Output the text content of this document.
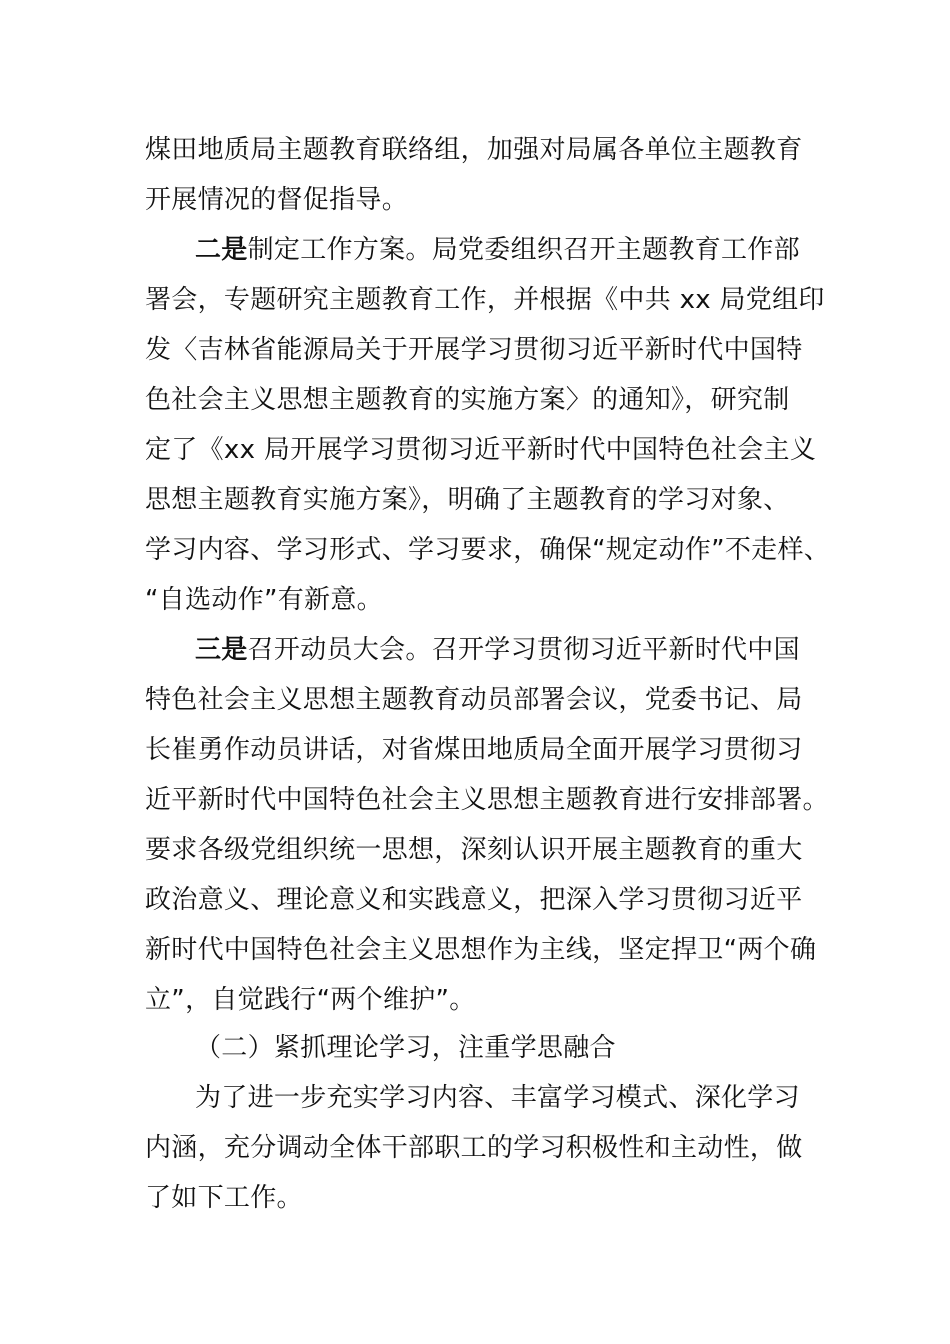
煤田地质局主题教育联络组，加强对局属各单位主题教育
开展情况的督促指导。
二是制定工作方案。局党委组织召开主题教育工作部
署会，专题研究主题教育工作，并根据《中共 xx 局党组印
发〈吉林省能源局关于开展学习贯彻习近平新时代中国特
色社会主义思想主题教育的实施方案〉的通知》，研究制
定了《xx 局开展学习贯彻习近平新时代中国特色社会主义
思想主题教育实施方案》，明确了主题教育的学习对象、
学习内容、学习形式、学习要求，确保“规定动作”不走样、
“自选动作”有新意。
三是召开动员大会。召开学习贯彻习近平新时代中国
特色社会主义思想主题教育动员部署会议，党委书记、局
长崔勇作动员讲话，对省煤田地质局全面开展学习贯彻习
近平新时代中国特色社会主义思想主题教育进行安排部署。
要求各级党组织统一思想，深刻认识开展主题教育的重大
政治意义、理论意义和实践意义，把深入学习贯彻习近平
新时代中国特色社会主义思想作为主线，坚定捍卫“两个确
立”，自觉践行“两个维护”。
（二）紧抓理论学习，注重学思融合
为了进一步充实学习内容、丰富学习模式、深化学习
内涵，充分调动全体干部职工的学习积极性和主动性，做
了如下工作。
